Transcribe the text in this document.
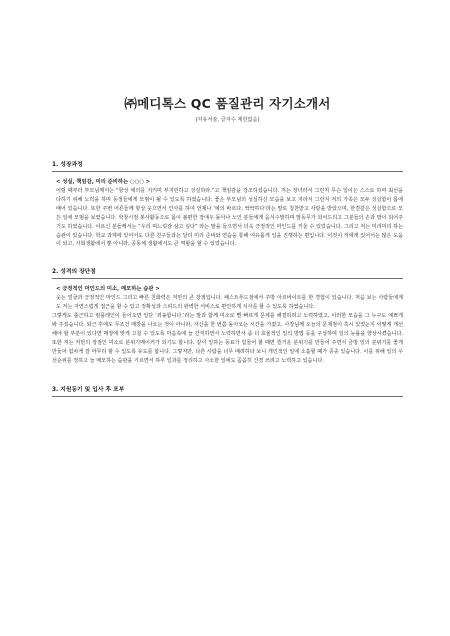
㈜메디톡스 QC 품질관리 자기소개서
(자유서술, 글자수 제한없음)
1. 성장과정
< 성실, 책임감, 미리 준비하는 ○○○ >

어릴 때부터 부모님께서는 “항상 예의를 지키며 부지런하고 성실하라.”고 책임감을 강조하셨습니다. 저는 장녀라서 그런지 무슨 일이든 스스로 하며 최선을 다하기 위해 노력을 하며 동생들에게 모범이 될 수 있도록 하였습니다. 좋은 부모님의 성실하신 모습을 보고 자라서 그런지 저의 가족은 모두 성실함이 몸에 배어 있습니다. 또한 주변 어른들께 항상 웃으면서 인사를 하여 언제나 ‘예의 바르다, 싹싹하다’라는 말로 칭찬받고 사랑을 받았으며, 한결같은 성실함으로 모든 일에 모범을 보였습니다. 학창시절 봉사활동으로 몸이 불편한 장애우 돌아나 노인 분들에게 음식수발하며 말동무가 되어드리고 그분들의 손과 발이 되어주기도 하였습니다. 어르신 분들께서는 “우리 며느릿감 삼고 싶다” 라는 말을 들으면서 더욱 긍정적인 마인드를 키울 수 있었습니다. 그리고 저는 미리미리 하는 습관이 있습니다. 학교 과제에 있어서도 다른 친구들과는 달리 미리 준비와 연습을 통해 여유롭게 일을 진행하는 편입니다. 이것이 저에게 있어서는 많은 도움이 되고, 사회생활에서 뿐 아니라, 공동체 생활에서도 큰 역할을 할 수 있었습니다.

2. 성격의 장단점
< 긍정적인 마인드의 미소, 메모하는 습관 >

웃는 얼굴과 긍정적인 마인드 그리고 빠른 친화력은 저만의 큰 장점입니다. 패스트푸드점에서 주방 아르바이트를 한 경험이 있습니다. 처음 보는 사람들에게도 저는 자연스럽게 접근을 할 수 있고 정확성과 스피드의 완벽한 서비스로 편안하게 식사를 할 수 있도록 하였습니다.

그렇게도 출근하고 컴플레인이 들어오면 일단 ‘죄송합니다.’라는 말과 함께 미소로 빨 빠르게 문제를 해결하려고 노력하였고, 이러한 모습을 그 누구도 예쁘게 봐 주셨습니다. 퇴근 후에도 무조건 매장을 나오는 것이 아니라, 자신을 한 번쯤 돌아오는 시간을 가졌고, 사장님께 오늘의 문제점이 혹시 있었는지 어떻게 개선해야 할 부분이 있다면 매장에 맞게 고칠 수 있도록 마음속에 늘 간직하면서 노력하면서 좀 더 효율적인 일의 방법 등을 구상하며 일의 능률을 향상시켰습니다. 또한 저는 저만의 장점인 미소로 분위기메이커가 되기도 합니다. 같이 일하는 동료가 힘들어 할 때면 즐거운 분위기를 만들어 주면서 금방 일의 분위기를 좋게 만들어 힘차게 잘 마무리 할 수 있도록 유도를 합니다. 그렇지만, 다른 사람을 너무 배려하다 보니 개인적인 일에 소홀할 때가 종종 있습니다. 이를 위해 일의 우선순위를 정하고 늘 메모하는 습관을 기르면서 하루 일과를 정리하고 사소한 일에도 꼼꼼히 신경 쓰려고 노력하고 있습니다.

3. 지원동기 및 입사 후 포부
